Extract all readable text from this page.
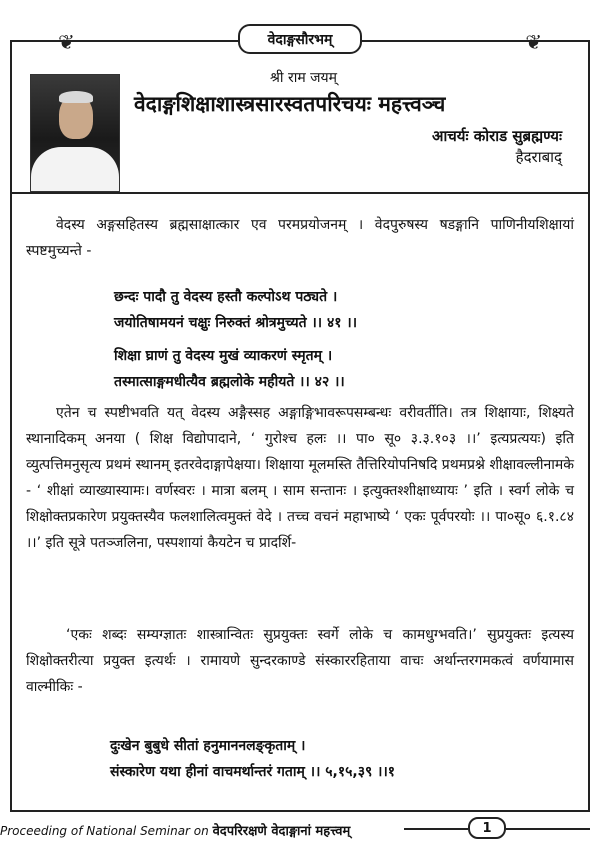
❦	❦
वेदाङ्गसौरभम्
श्री राम जयम्
वेदाङ्गशिक्षाशास्त्रसारस्वतपरिचयः महत्त्वञ्च
आचर्यः कोराड सुब्रह्मण्यः
हैदराबाद्
वेदस्य अङ्गसहितस्य ब्रह्मसाक्षात्कार एव परमप्रयोजनम् । वेदपुरुषस्य षडङ्गानि पाणिनीयशिक्षायां स्पष्टमुच्यन्ते -
छन्दः पादौ तु वेदस्य हस्तौ कल्पोऽथ पठ्यते ।
जयोतिषामयनं चक्षुः निरुक्तं श्रोत्रमुच्यते ।। ४१ ।।
शिक्षा घ्राणं तु वेदस्य मुखं व्याकरणं स्मृतम् ।
तस्मात्साङ्गमधीत्यैव ब्रह्मलोके महीयते ।। ४२ ।।
एतेन च स्पष्टीभवति यत् वेदस्य अङ्गैस्सह अङ्गाङ्गिभावरूपसम्बन्धः वरीवर्तीति। तत्र शिक्षायाः, शिक्ष्यते स्थानादिकम् अनया ( शिक्ष विद्योपादाने, ‘ गुरोश्च हलः ।। पा० सू० ३.३.१०३ ।।’ इत्यप्रत्ययः) इति व्युत्पत्तिमनुसृत्य प्रथमं स्थानम् इतरवेदाङ्गापेक्षया। शिक्षाया मूलमस्ति तैत्तिरियोपनिषदि प्रथमप्रश्ने शीक्षावल्लीनामके - ‘ शीक्षां व्याख्यास्यामः। वर्णस्वरः । मात्रा बलम् । साम सन्तानः । इत्युक्तश्शीक्षाध्यायः ’ इति । स्वर्ग लोके च शिक्षोक्तप्रकारेण प्रयुक्तस्यैव फलशालित्वमुक्तं वेदे । तच्च वचनं महाभाष्ये ‘ एकः पूर्वपरयोः ।। पा०सू० ६.१.८४ ।।’ इति सूत्रे पतञ्जलिना, पस्पशायां कैयटेन च प्रादर्शि-
‘एकः शब्दः सम्यग्ज्ञातः शास्त्रान्वितः सुप्रयुक्तः स्वर्गे लोके च कामधुग्भवति।’ सुप्रयुक्तः इत्यस्य शिक्षोक्तरीत्या प्रयुक्त इत्यर्थः । रामायणे सुन्दरकाण्डे संस्काररहिताया वाचः अर्थान्तरगमकत्वं वर्णयामास वाल्मीकिः -
दुःखेन बुबुधे सीतां हनुमाननलङ्कृताम् ।
संस्कारेण यथा हीनां वाचमर्थान्तरं गताम् ।। ५,१५,३९ ।।१
Proceeding of National Seminar on वेदपरिरक्षणे वेदाङ्गानां महत्त्वम्	1
